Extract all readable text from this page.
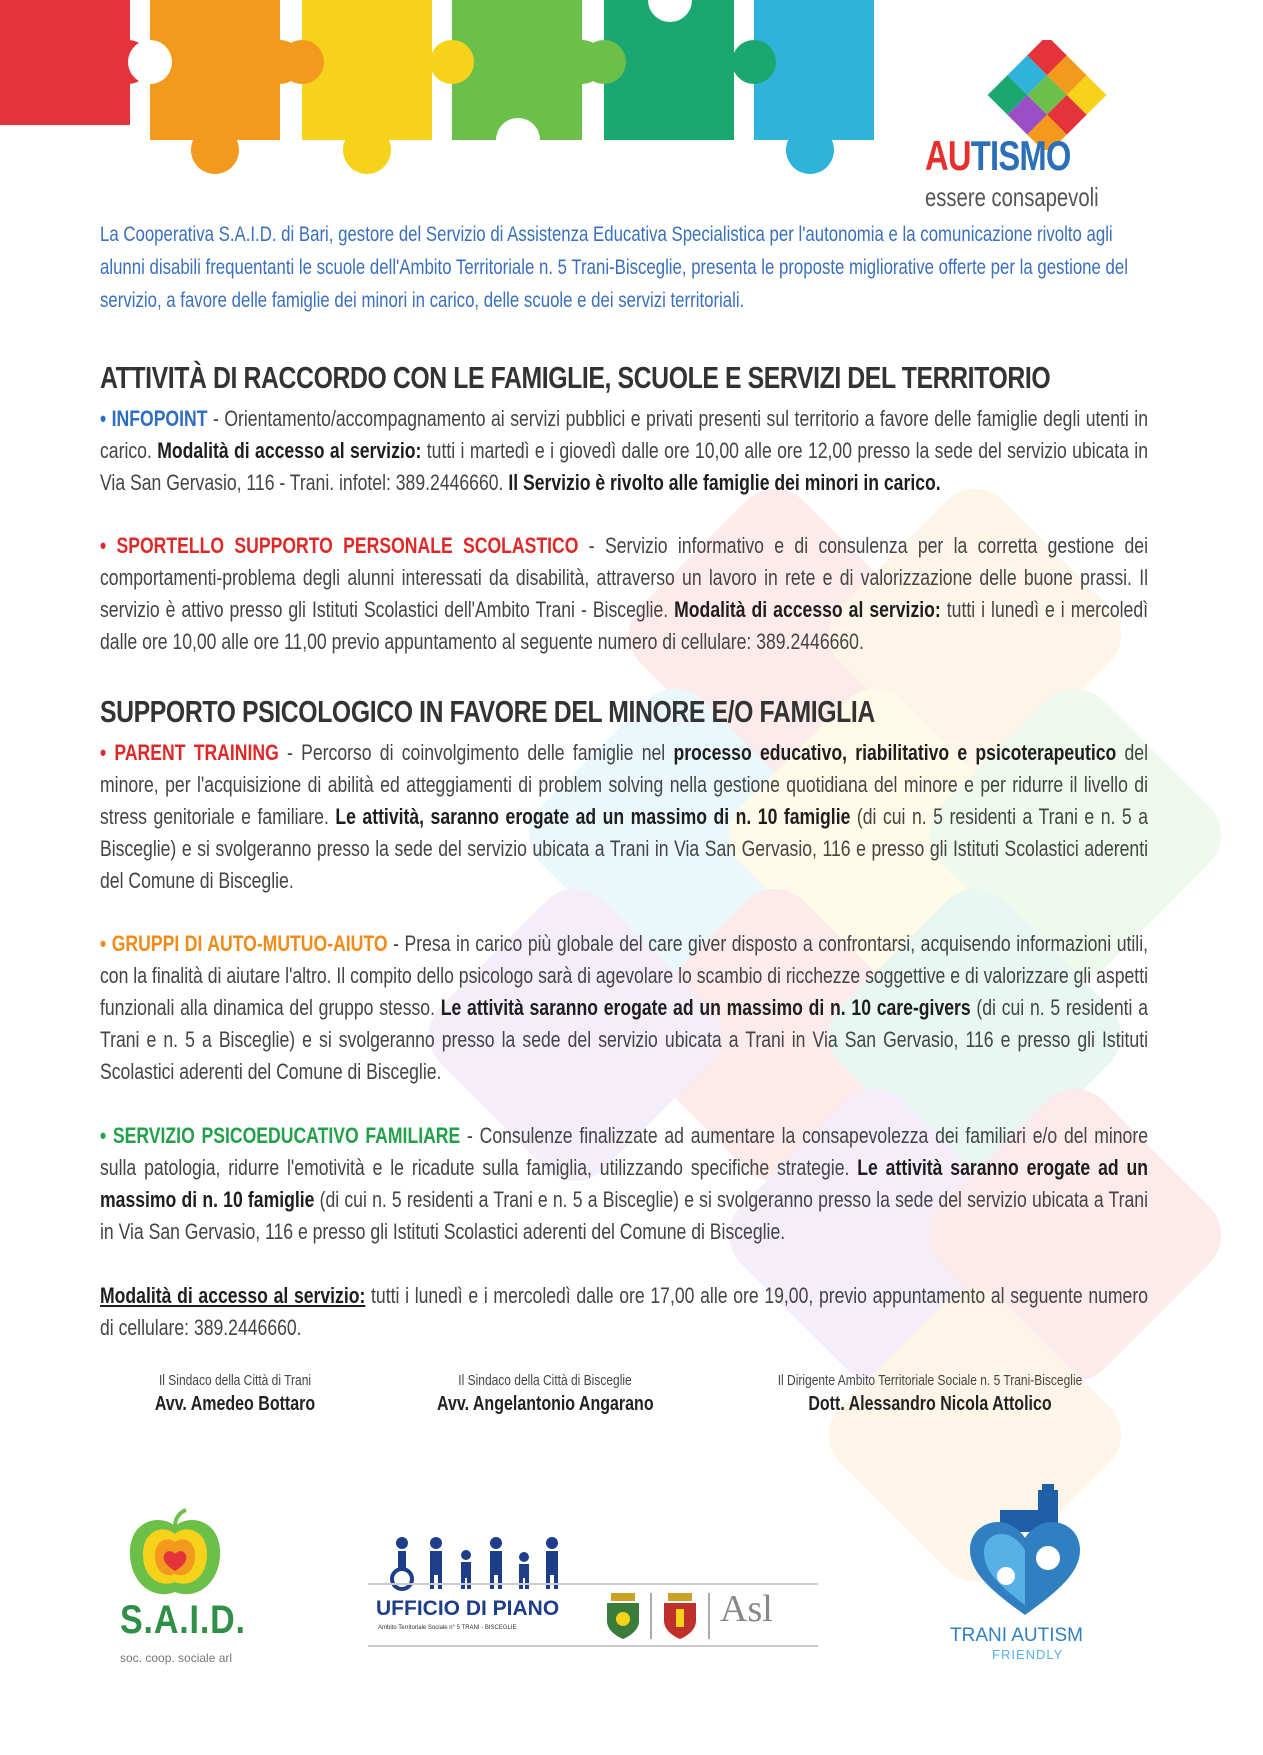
AUTISMO
essere consapevoli
La Cooperativa S.A.I.D. di Bari, gestore del Servizio di Assistenza Educativa Specialistica per l'autonomia e la comunicazione rivolto agli alunni disabili frequentanti le scuole dell'Ambito Territoriale n. 5 Trani-Bisceglie, presenta le proposte migliorative offerte per la gestione del servizio, a favore delle famiglie dei minori in carico, delle scuole e dei servizi territoriali.
ATTIVITÀ DI RACCORDO CON LE FAMIGLIE, SCUOLE E SERVIZI DEL TERRITORIO
• INFOPOINT - Orientamento/accompagnamento ai servizi pubblici e privati presenti sul territorio a favore delle famiglie degli utenti in carico. Modalità di accesso al servizio: tutti i martedì e i giovedì dalle ore 10,00 alle ore 12,00 presso la sede del servizio ubicata in Via San Gervasio, 116 - Trani. infotel: 389.2446660. Il Servizio è rivolto alle famiglie dei minori in carico.
• SPORTELLO SUPPORTO PERSONALE SCOLASTICO - Servizio informativo e di consulenza per la corretta gestione dei comportamenti-problema degli alunni interessati da disabilità, attraverso un lavoro in rete e di valorizzazione delle buone prassi. Il servizio è attivo presso gli Istituti Scolastici dell'Ambito Trani - Bisceglie. Modalità di accesso al servizio: tutti i lunedì e i mercoledì dalle ore 10,00 alle ore 11,00 previo appuntamento al seguente numero di cellulare: 389.2446660.
SUPPORTO PSICOLOGICO IN FAVORE DEL MINORE E/O FAMIGLIA
• PARENT TRAINING - Percorso di coinvolgimento delle famiglie nel processo educativo, riabilitativo e psicoterapeutico del minore, per l'acquisizione di abilità ed atteggiamenti di problem solving nella gestione quotidiana del minore e per ridurre il livello di stress genitoriale e familiare. Le attività, saranno erogate ad un massimo di n. 10 famiglie (di cui n. 5 residenti a Trani e n. 5 a Bisceglie) e si svolgeranno presso la sede del servizio ubicata a Trani in Via San Gervasio, 116 e presso gli Istituti Scolastici aderenti del Comune di Bisceglie.
• GRUPPI DI AUTO-MUTUO-AIUTO - Presa in carico più globale del care giver disposto a confrontarsi, acquisendo informazioni utili, con la finalità di aiutare l'altro. Il compito dello psicologo sarà di agevolare lo scambio di ricchezze soggettive e di valorizzare gli aspetti funzionali alla dinamica del gruppo stesso. Le attività saranno erogate ad un massimo di n. 10 care-givers (di cui n. 5 residenti a Trani e n. 5 a Bisceglie) e si svolgeranno presso la sede del servizio ubicata a Trani in Via San Gervasio, 116 e presso gli Istituti Scolastici aderenti del Comune di Bisceglie.
• SERVIZIO PSICOEDUCATIVO FAMILIARE - Consulenze finalizzate ad aumentare la consapevolezza dei familiari e/o del minore sulla patologia, ridurre l'emotività e le ricadute sulla famiglia, utilizzando specifiche strategie. Le attività saranno erogate ad un massimo di n. 10 famiglie (di cui n. 5 residenti a Trani e n. 5 a Bisceglie) e si svolgeranno presso la sede del servizio ubicata a Trani in Via San Gervasio, 116 e presso gli Istituti Scolastici aderenti del Comune di Bisceglie.
Modalità di accesso al servizio: tutti i lunedì e i mercoledì dalle ore 17,00 alle ore 19,00, previo appuntamento al seguente numero di cellulare: 389.2446660.
Il Sindaco della Città di Trani
Avv. Amedeo Bottaro
Il Sindaco della Città di Bisceglie
Avv. Angelantonio Angarano
Il Dirigente Ambito Territoriale Sociale n. 5 Trani-Bisceglie
Dott. Alessandro Nicola Attolico
S.A.I.D.
soc. coop. sociale arl
UFFICIO DI PIANO
Ambito Territoriale Sociale n° 5 TRANI - BISCEGLIE	Asl
TRANI AUTISM
FRIENDLY
